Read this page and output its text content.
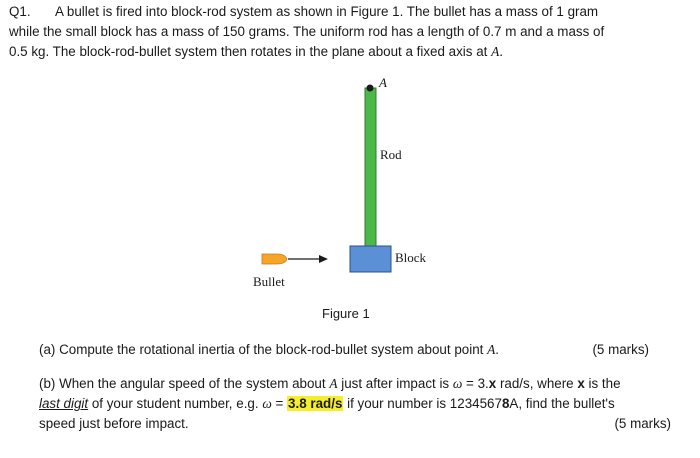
Q1. A bullet is fired into block-rod system as shown in Figure 1. The bullet has a mass of 1 gram
while the small block has a mass of 150 grams. The uniform rod has a length of 0.7 m and a mass of
0.5 kg. The block-rod-bullet system then rotates in the plane about a fixed axis at A.
A
Rod
Block
Bullet
Figure 1
(a) Compute the rotational inertia of the block-rod-bullet system about point A.	(5 marks)
(b) When the angular speed of the system about A just after impact is ω = 3.x rad/s, where x is the
last digit of your student number, e.g. ω = 3.8 rad/s if your number is 12345678A, find the bullet's
speed just before impact.	(5 marks)
